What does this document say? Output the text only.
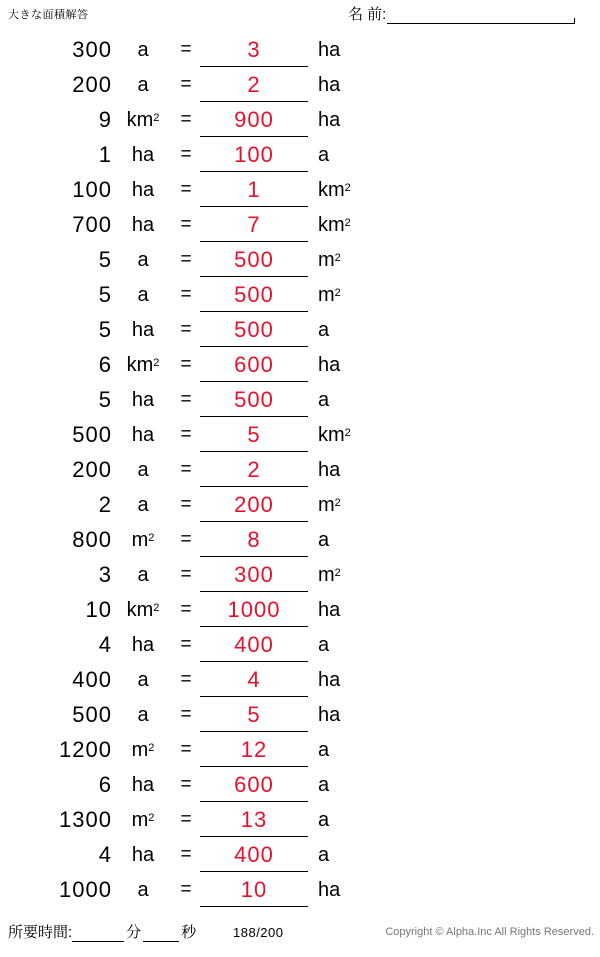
大きな面積解答	名 前:
300	a	=	3	ha
200	a	=	2	ha
9 $km^2$	=	900	ha
1 ha	=	100	a
100 ha	=	1	$km^2$
700 ha	=	7	$km^2$
5	a	=	500	$m^2$
5	a	=	500	$m^2$
5 ha	=	500	a
6 $km^2$	=	600	ha
5 ha	=	500	a
500 ha	=	5	$km^2$
200	a	=	2	ha
2	a	=	200	$m^2$
800 $m^2$	=	8	a
3	a	=	300	$m^2$
10 $km^2$	=	1000	ha
4 ha	=	400	a
400	a	=	4	ha
500	a	=	5	ha
1200 $m^2$	=	12	a
6 ha	=	600	a
1300 $m^2$	=	13	a
4 ha	=	400	a
1000	a	=	10	ha
所要時間:	分	秒	188/200	Copyright © Alpha.Inc All Rights Reserved.
